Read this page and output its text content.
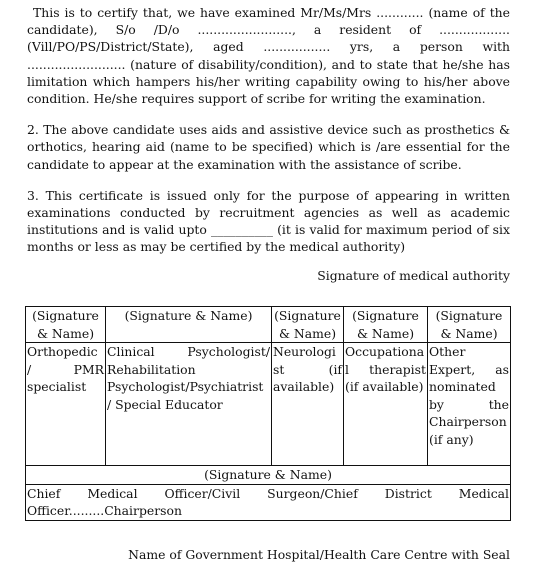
This is to certify that, we have examined Mr/Ms/Mrs ............ (name of the candidate), S/o /D/o ........................, a resident of ..................(Vill/PO/PS/District/State), aged ................. yrs, a person with ......................... (nature of disability/condition), and to state that he/she has limitation which hampers his/her writing capability owing to his/her above condition. He/she requires support of scribe for writing the examination.

2. The above candidate uses aids and assistive device such as prosthetics & orthotics, hearing aid (name to be specified) which is /are essential for the candidate to appear at the examination with the assistance of scribe.

3. This certificate is issued only for the purpose of appearing in written examinations conducted by recruitment agencies as well as academic institutions and is valid upto __________ (it is valid for maximum period of six months or less as may be certified by the medical authority)

Signature of medical authority
(Signature & Name)	(Signature & Name)	(Signature & Name)	(Signature & Name)	(Signature & Name)
Orthopedic / PMR specialist	Clinical Psychologist/ Rehabilitation Psychologist/Psychiatrist / Special Educator	Neurologist (if available)	Occupational therapist (if available)	Other Expert, as nominated by the Chairperson (if any)

(Signature & Name)
Chief Medical Officer/Civil Surgeon/Chief District Medical Officer.........Chairperson				
Name of Government Hospital/Health Care Centre with Seal
